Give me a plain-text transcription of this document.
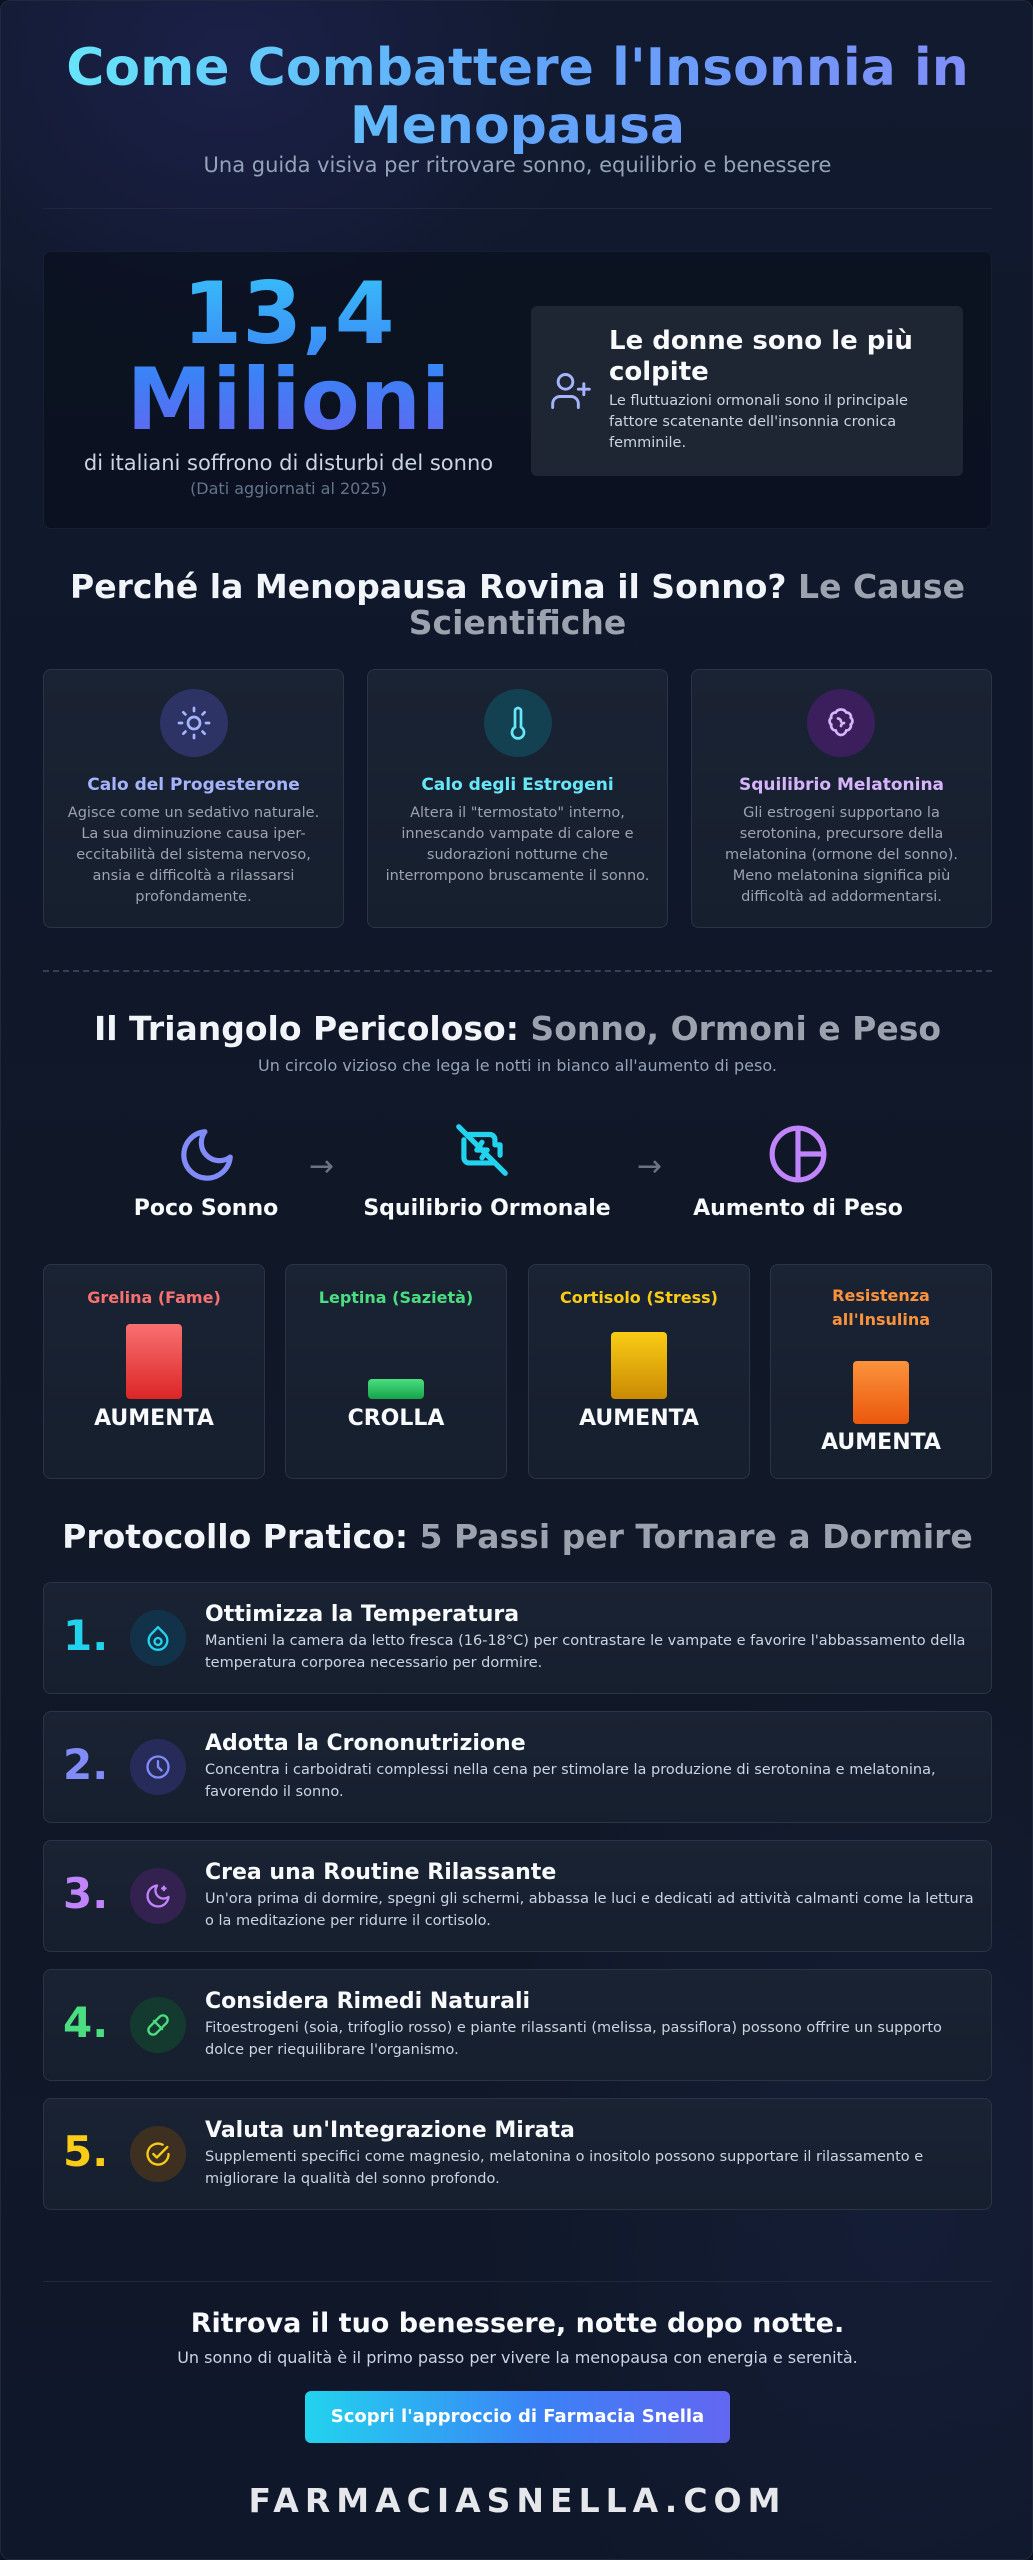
Come Combattere l'Insonnia in Menopausa
Una guida visiva per ritrovare sonno, equilibrio e benessere
13,4
Milioni
di italiani soffrono di disturbi del sonno
(Dati aggiornati al 2025)
Le donne sono le più colpite
Le fluttuazioni ormonali sono il principale fattore scatenante dell'insonnia cronica femminile.
Perché la Menopausa Rovina il Sonno? Le Cause Scientifiche
Calo del Progesterone
Agisce come un sedativo naturale. La sua diminuzione causa iper-eccitabilità del sistema nervoso, ansia e difficoltà a rilassarsi profondamente.
Calo degli Estrogeni
Altera il "termostato" interno, innescando vampate di calore e sudorazioni notturne che interrompono bruscamente il sonno.
Squilibrio Melatonina
Gli estrogeni supportano la serotonina, precursore della melatonina (ormone del sonno). Meno melatonina significa più difficoltà ad addormentarsi.
Il Triangolo Pericoloso: Sonno, Ormoni e Peso
Un circolo vizioso che lega le notti in bianco all'aumento di peso.
Poco Sonno
→
Squilibrio Ormonale
→
Aumento di Peso
Grelina (Fame)
AUMENTA
Leptina (Sazietà)
CROLLA
Cortisolo (Stress)
AUMENTA
Resistenza all'Insulina
AUMENTA
Protocollo Pratico: 5 Passi per Tornare a Dormire
1.	Ottimizza la Temperatura
Mantieni la camera da letto fresca (16-18°C) per contrastare le vampate e favorire l'abbassamento della temperatura corporea necessario per dormire.
2.	Adotta la Crononutrizione
Concentra i carboidrati complessi nella cena per stimolare la produzione di serotonina e melatonina, favorendo il sonno.
3.	Crea una Routine Rilassante
Un'ora prima di dormire, spegni gli schermi, abbassa le luci e dedicati ad attività calmanti come la lettura o la meditazione per ridurre il cortisolo.
4.	Considera Rimedi Naturali
Fitoestrogeni (soia, trifoglio rosso) e piante rilassanti (melissa, passiflora) possono offrire un supporto dolce per riequilibrare l'organismo.
5.	Valuta un'Integrazione Mirata
Supplementi specifici come magnesio, melatonina o inositolo possono supportare il rilassamento e migliorare la qualità del sonno profondo.
Ritrova il tuo benessere, notte dopo notte.
Un sonno di qualità è il primo passo per vivere la menopausa con energia e serenità.
Scopri l'approccio di Farmacia Snella
FARMACIASNELLA.COM
